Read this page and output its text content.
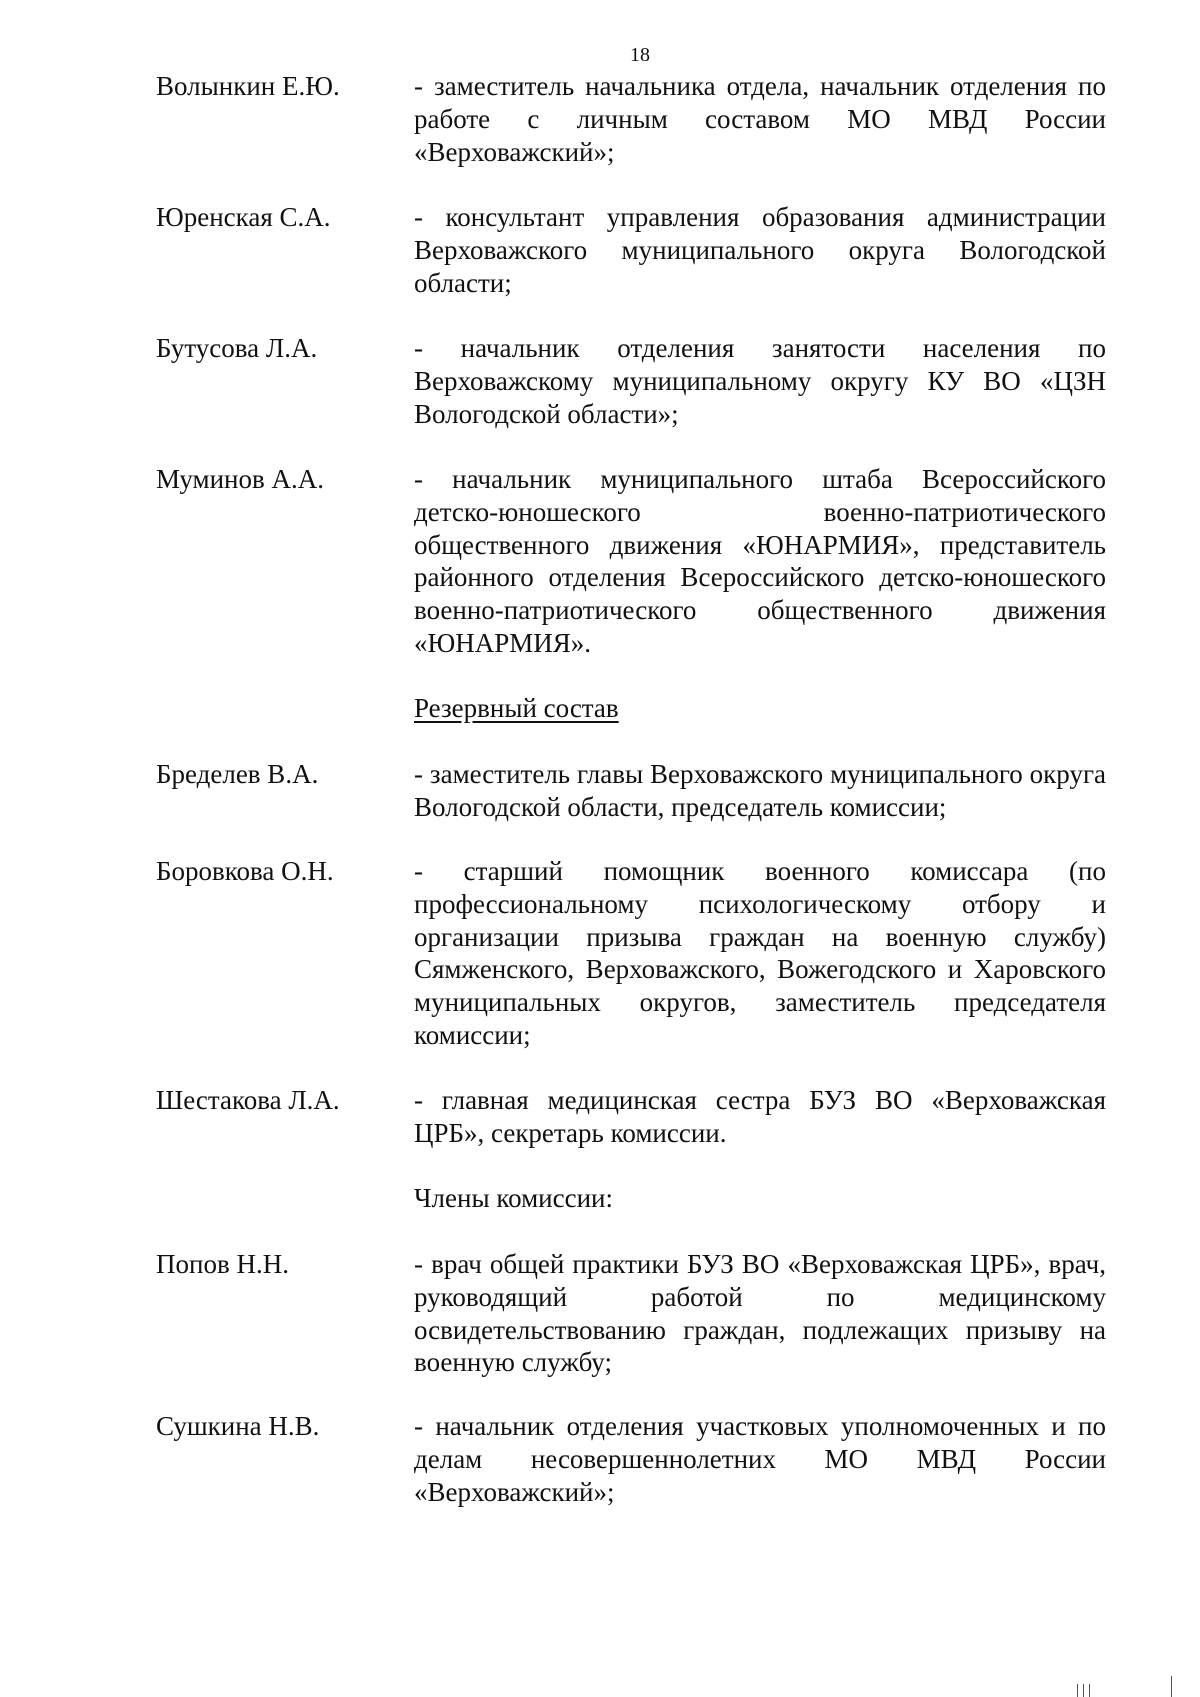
18
Волынкин Е.Ю.	- заместитель начальника отдела, начальник отделения по работе с личным составом МО МВД России «Верховажский»;
Юренская С.А.	- консультант управления образования администрации Верховажского муниципального округа Вологодской области;
Бутусова Л.А.	- начальник отделения занятости населения по Верховажскому муниципальному округу КУ ВО «ЦЗН Вологодской области»;
Муминов А.А.	- начальник муниципального штаба Всероссийского детско-юношеского военно-патриотического общественного движения «ЮНАРМИЯ», представитель районного отделения Всероссийского детско-юношеского военно-патриотического общественного движения «ЮНАРМИЯ».
Резервный состав
Бределев В.А.	- заместитель главы Верховажского муниципального округа Вологодской области, председатель комиссии;
Боровкова О.Н.	- старший помощник военного комиссара (по профессиональному психологическому отбору и организации призыва граждан на военную службу) Сямженского, Верховажского, Вожегодского и Харовского муниципальных округов, заместитель председателя комиссии;
Шестакова Л.А.	- главная медицинская сестра БУЗ ВО «Верховажская ЦРБ», секретарь комиссии.
Члены комиссии:
Попов Н.Н.	- врач общей практики БУЗ ВО «Верховажская ЦРБ», врач, руководящий работой по медицинскому освидетельствованию граждан, подлежащих призыву на военную службу;
Сушкина Н.В.	- начальник отделения участковых уполномоченных и по делам несовершеннолетних МО МВД России «Верховажский»;
